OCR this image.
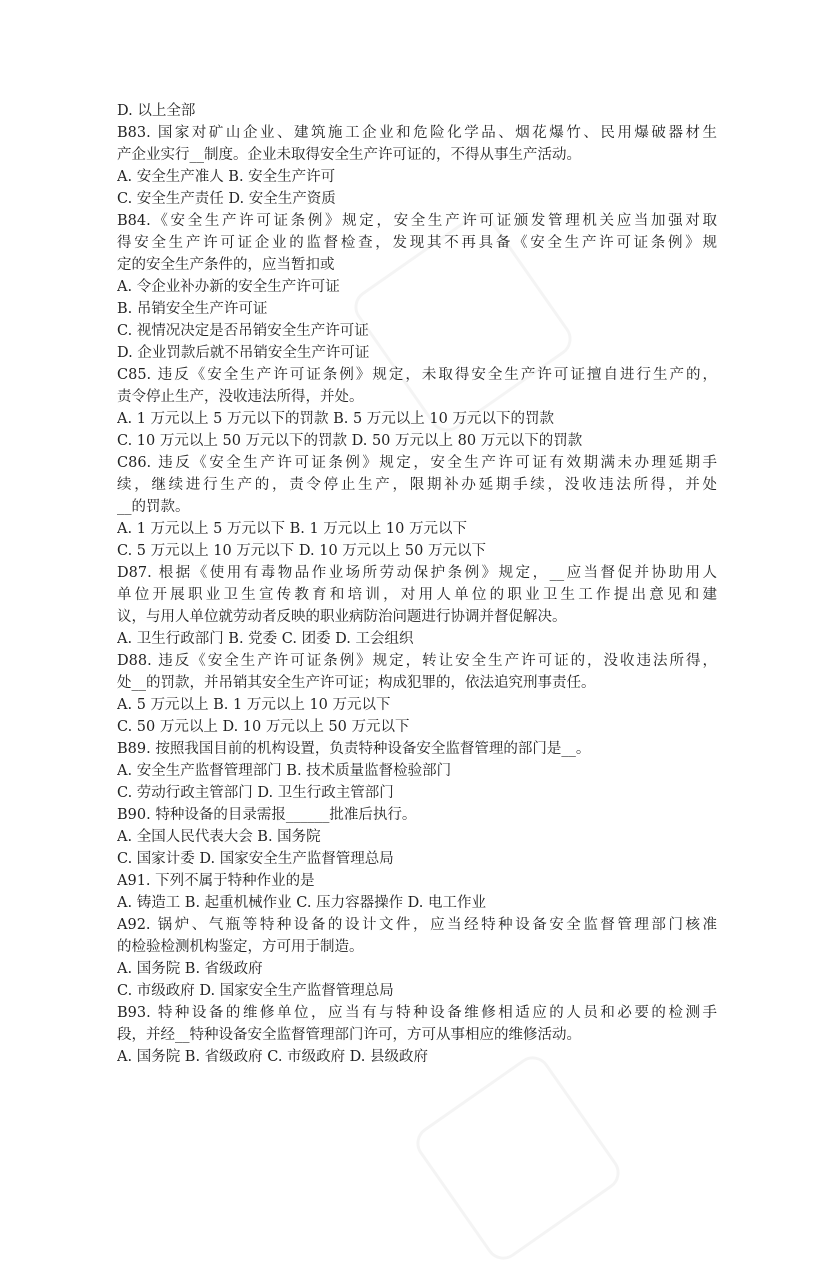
D. 以上全部
B83. 国家对矿山企业、建筑施工企业和危险化学品、烟花爆竹、民用爆破器材生
产企业实行__制度。企业未取得安全生产许可证的，不得从事生产活动。
A. 安全生产准人 B. 安全生产许可
C. 安全生产责任 D. 安全生产资质
B84.《安全生产许可证条例》规定，安全生产许可证颁发管理机关应当加强对取
得安全生产许可证企业的监督检查，发现其不再具备《安全生产许可证条例》规
定的安全生产条件的，应当暂扣或
A. 令企业补办新的安全生产许可证
B. 吊销安全生产许可证
C. 视情况决定是否吊销安全生产许可证
D. 企业罚款后就不吊销安全生产许可证
C85. 违反《安全生产许可证条例》规定，未取得安全生产许可证擅自进行生产的，
责令停止生产，没收违法所得，并处。
A. 1 万元以上 5 万元以下的罚款 B. 5 万元以上 10 万元以下的罚款
C. 10 万元以上 50 万元以下的罚款 D. 50 万元以上 80 万元以下的罚款
C86. 违反《安全生产许可证条例》规定，安全生产许可证有效期满未办理延期手
续，继续进行生产的，责令停止生产，限期补办延期手续，没收违法所得，并处
__的罚款。
A. 1 万元以上 5 万元以下 B. 1 万元以上 10 万元以下
C. 5 万元以上 10 万元以下 D. 10 万元以上 50 万元以下
D87. 根据《使用有毒物品作业场所劳动保护条例》规定，__应当督促并协助用人
单位开展职业卫生宣传教育和培训，对用人单位的职业卫生工作提出意见和建
议，与用人单位就劳动者反映的职业病防治问题进行协调并督促解决。
A. 卫生行政部门 B. 党委 C. 团委 D. 工会组织
D88. 违反《安全生产许可证条例》规定，转让安全生产许可证的，没收违法所得，
处__的罚款，并吊销其安全生产许可证；构成犯罪的，依法追究刑事责任。
A. 5 万元以上 B. 1 万元以上 10 万元以下
C. 50 万元以上 D. 10 万元以上 50 万元以下
B89. 按照我国目前的机构设置，负责特种设备安全监督管理的部门是__。
A. 安全生产监督管理部门 B. 技术质量监督检验部门
C. 劳动行政主管部门 D. 卫生行政主管部门
B90. 特种设备的目录需报______批准后执行。
A. 全国人民代表大会 B. 国务院
C. 国家计委 D. 国家安全生产监督管理总局
A91. 下列不属于特种作业的是
A. 铸造工 B. 起重机械作业 C. 压力容器操作 D. 电工作业
A92. 锅炉、气瓶等特种设备的设计文件，应当经特种设备安全监督管理部门核准
的检验检测机构鉴定，方可用于制造。
A. 国务院 B. 省级政府
C. 市级政府 D. 国家安全生产监督管理总局
B93. 特种设备的维修单位，应当有与特种设备维修相适应的人员和必要的检测手
段，并经__特种设备安全监督管理部门许可，方可从事相应的维修活动。
A. 国务院 B. 省级政府 C. 市级政府 D. 县级政府
